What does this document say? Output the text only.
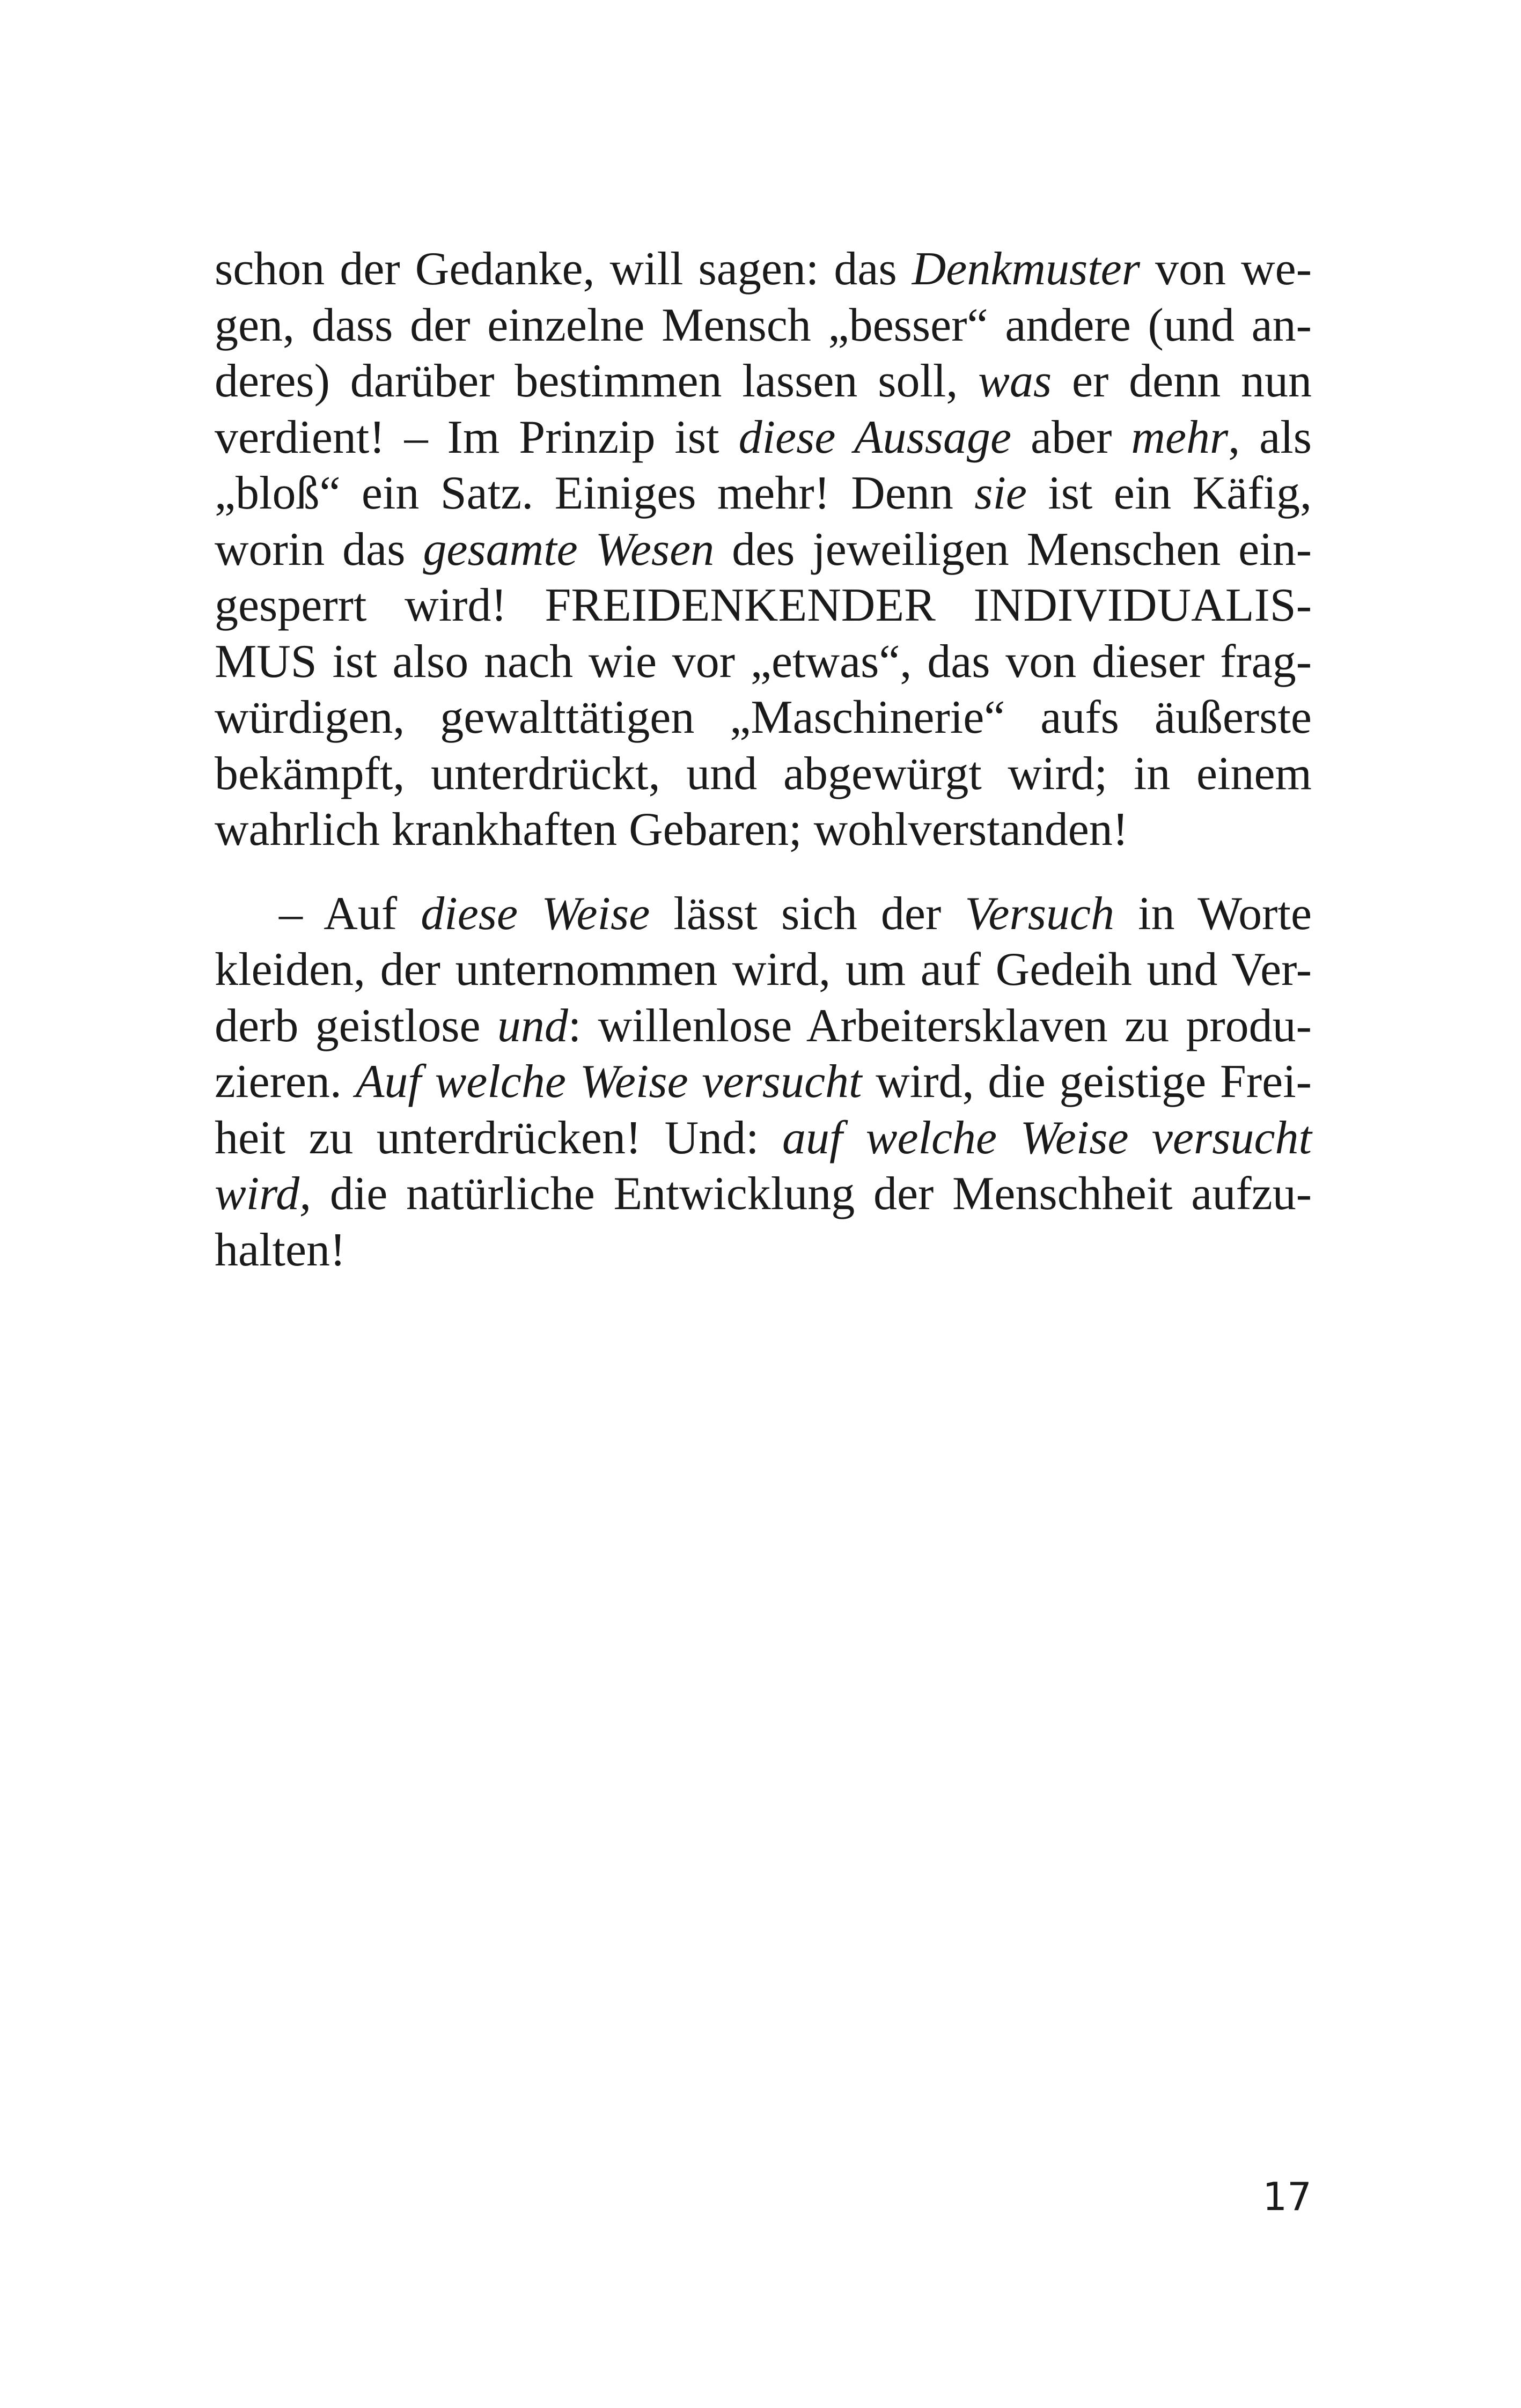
schon der Gedanke, will sagen: das Denkmuster von we-
gen, dass der einzelne Mensch „besser“ andere (und an-
deres) darüber bestimmen lassen soll, was er denn nun
verdient! – Im Prinzip ist diese Aussage aber mehr, als
„bloß“ ein Satz. Einiges mehr! Denn sie ist ein Käfig,
worin das gesamte Wesen des jeweiligen Menschen ein-
gesperrt wird! FREIDENKENDER INDIVIDUALIS-
MUS ist also nach wie vor „etwas“, das von dieser frag-
würdigen, gewalttätigen „Maschinerie“ aufs äußerste
bekämpft, unterdrückt, und abgewürgt wird; in einem
wahrlich krankhaften Gebaren; wohlverstanden!
– Auf diese Weise lässt sich der Versuch in Worte
kleiden, der unternommen wird, um auf Gedeih und Ver-
derb geistlose und: willenlose Arbeitersklaven zu produ-
zieren. Auf welche Weise versucht wird, die geistige Frei-
heit zu unterdrücken! Und: auf welche Weise versucht
wird, die natürliche Entwicklung der Menschheit aufzu-
halten!
17
